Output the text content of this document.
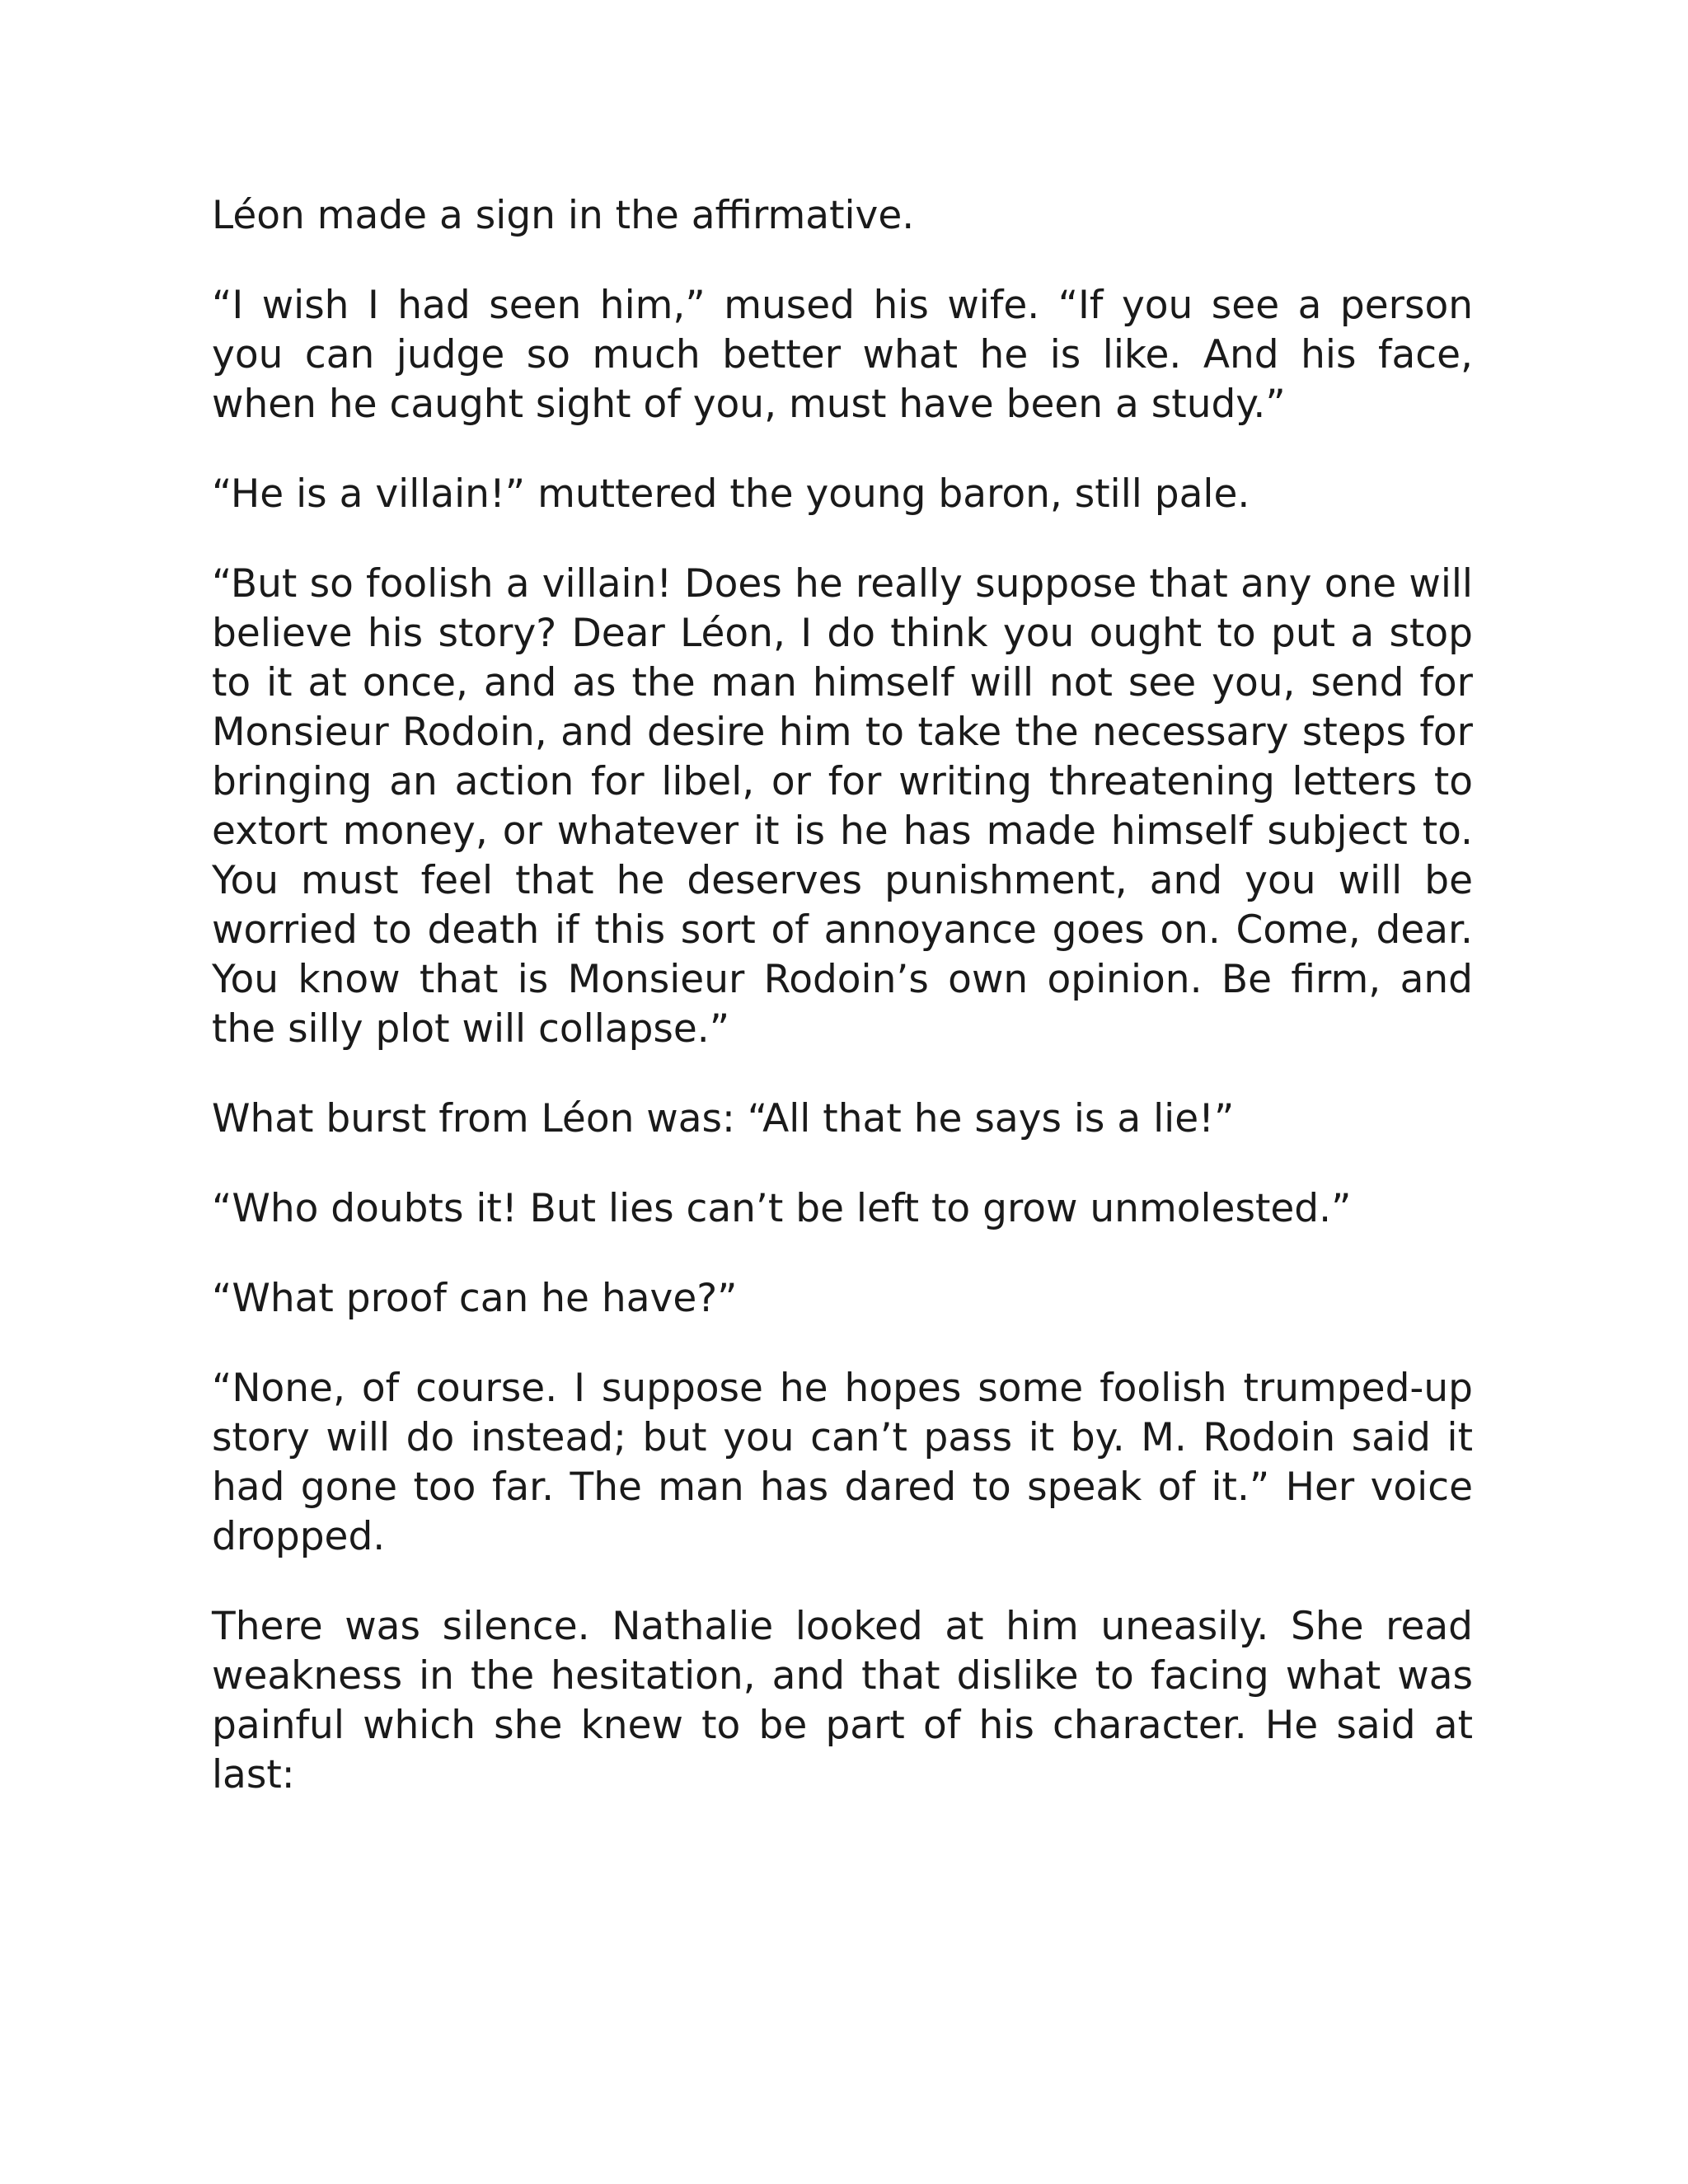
Léon made a sign in the affirmative.

“I wish I had seen him,” mused his wife. “If you see a person you can judge so much better what he is like. And his face, when he caught sight of you, must have been a study.”

“He is a villain!” muttered the young baron, still pale.

“But so foolish a villain! Does he really suppose that any one will believe his story? Dear Léon, I do think you ought to put a stop to it at once, and as the man himself will not see you, send for Monsieur Rodoin, and desire him to take the necessary steps for bringing an action for libel, or for writing threatening letters to extort money, or whatever it is he has made himself subject to. You must feel that he deserves punishment, and you will be worried to death if this sort of annoyance goes on. Come, dear. You know that is Monsieur Rodoin’s own opinion. Be firm, and the silly plot will collapse.”

What burst from Léon was: “All that he says is a lie!”

“Who doubts it! But lies can’t be left to grow unmolested.”

“What proof can he have?”

“None, of course. I suppose he hopes some foolish trumped-up story will do instead; but you can’t pass it by. M. Rodoin said it had gone too far. The man has dared to speak of it.” Her voice dropped.

There was silence. Nathalie looked at him uneasily. She read weakness in the hesitation, and that dislike to facing what was painful which she knew to be part of his character. He said at last:
